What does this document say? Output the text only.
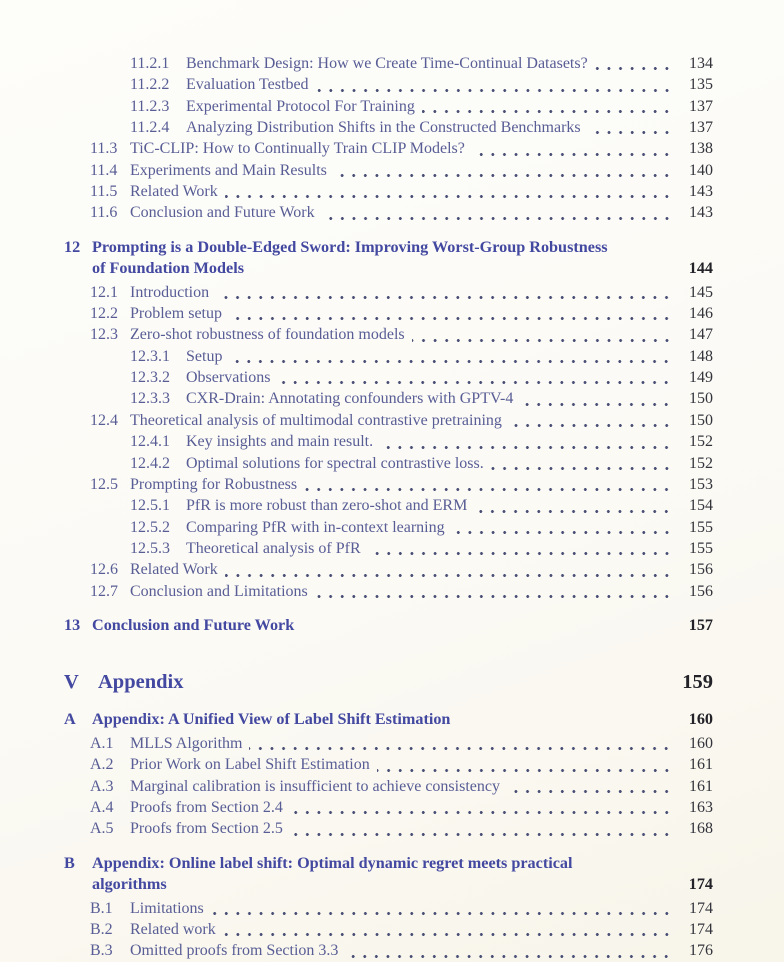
11.2.1	Benchmark Design: How we Create Time-Continual Datasets?	134
11.2.2	Evaluation Testbed	135
11.2.3	Experimental Protocol For Training	137
11.2.4	Analyzing Distribution Shifts in the Constructed Benchmarks	137
11.3 TiC-CLIP: How to Continually Train CLIP Models?	138
11.4 Experiments and Main Results	140
11.5 Related Work	143
11.6 Conclusion and Future Work	143
12 Prompting is a Double-Edged Sword: Improving Worst-Group Robustness
of Foundation Models	144
12.1 Introduction	145
12.2 Problem setup	146
12.3 Zero-shot robustness of foundation models	147
12.3.1	Setup	148
12.3.2	Observations	149
12.3.3	CXR-Drain: Annotating confounders with GPTV-4	150
12.4 Theoretical analysis of multimodal contrastive pretraining	150
12.4.1	Key insights and main result.	152
12.4.2	Optimal solutions for spectral contrastive loss.	152
12.5 Prompting for Robustness	153
12.5.1	PfR is more robust than zero-shot and ERM	154
12.5.2	Comparing PfR with in-context learning	155
12.5.3	Theoretical analysis of PfR	155
12.6 Related Work	156
12.7 Conclusion and Limitations	156
13 Conclusion and Future Work	157
V Appendix	159
A	Appendix: A Unified View of Label Shift Estimation	160
A.1	MLLS Algorithm	160
A.2	Prior Work on Label Shift Estimation	161
A.3	Marginal calibration is insufficient to achieve consistency	161
A.4	Proofs from Section 2.4	163
A.5	Proofs from Section 2.5	168
B	Appendix: Online label shift: Optimal dynamic regret meets practical
algorithms	174
B.1	Limitations	174
B.2	Related work	174
B.3	Omitted proofs from Section 3.3	176
